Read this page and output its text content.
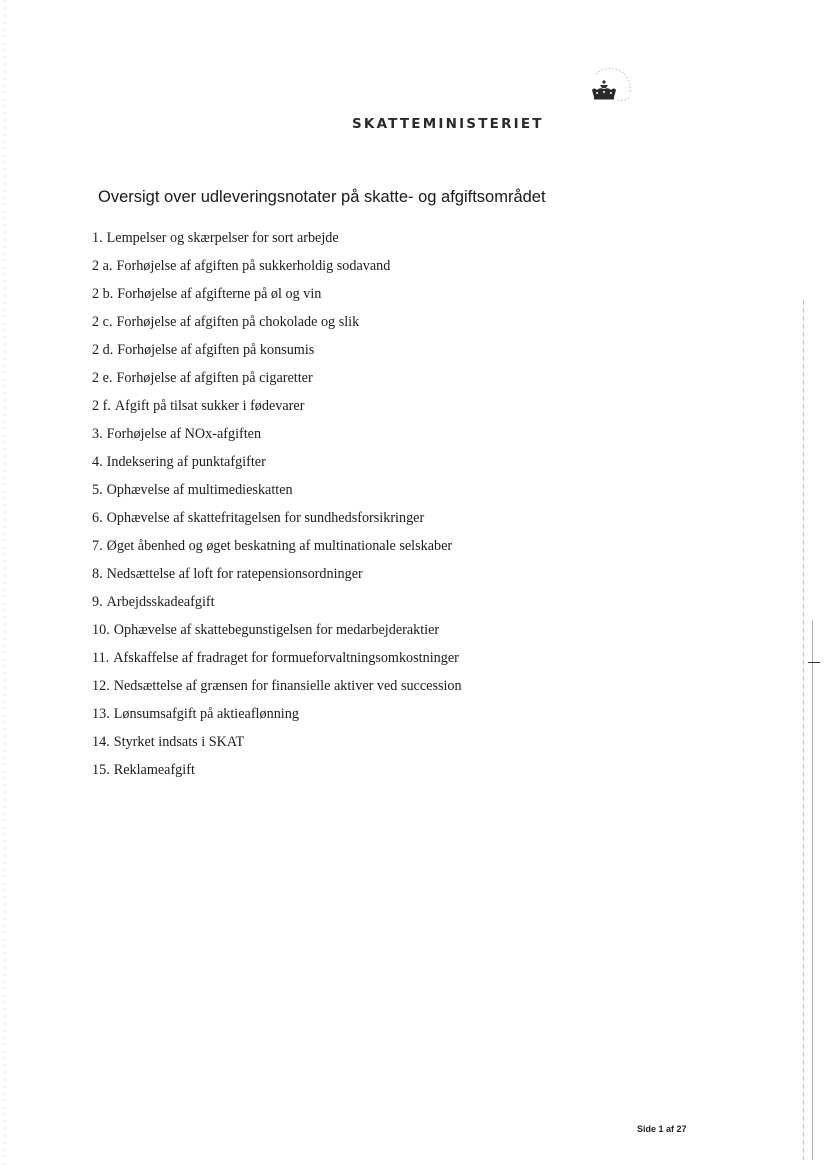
SKATTEMINISTERIET
Oversigt over udleveringsnotater på skatte- og afgiftsområdet
1. Lempelser og skærpelser for sort arbejde
2 a. Forhøjelse af afgiften på sukkerholdig sodavand
2 b. Forhøjelse af afgifterne på øl og vin
2 c. Forhøjelse af afgiften på chokolade og slik
2 d. Forhøjelse af afgiften på konsumis
2 e. Forhøjelse af afgiften på cigaretter
2 f. Afgift på tilsat sukker i fødevarer
3. Forhøjelse af NOx-afgiften
4. Indeksering af punktafgifter
5. Ophævelse af multimedieskatten
6. Ophævelse af skattefritagelsen for sundhedsforsikringer
7. Øget åbenhed og øget beskatning af multinationale selskaber
8. Nedsættelse af loft for ratepensionsordninger
9. Arbejdsskadeafgift
10. Ophævelse af skattebegunstigelsen for medarbejderaktier
11. Afskaffelse af fradraget for formueforvaltningsomkostninger
12. Nedsættelse af grænsen for finansielle aktiver ved succession
13. Lønsumsafgift på aktieaflønning
14. Styrket indsats i SKAT
15. Reklameafgift
Side 1 af 27
